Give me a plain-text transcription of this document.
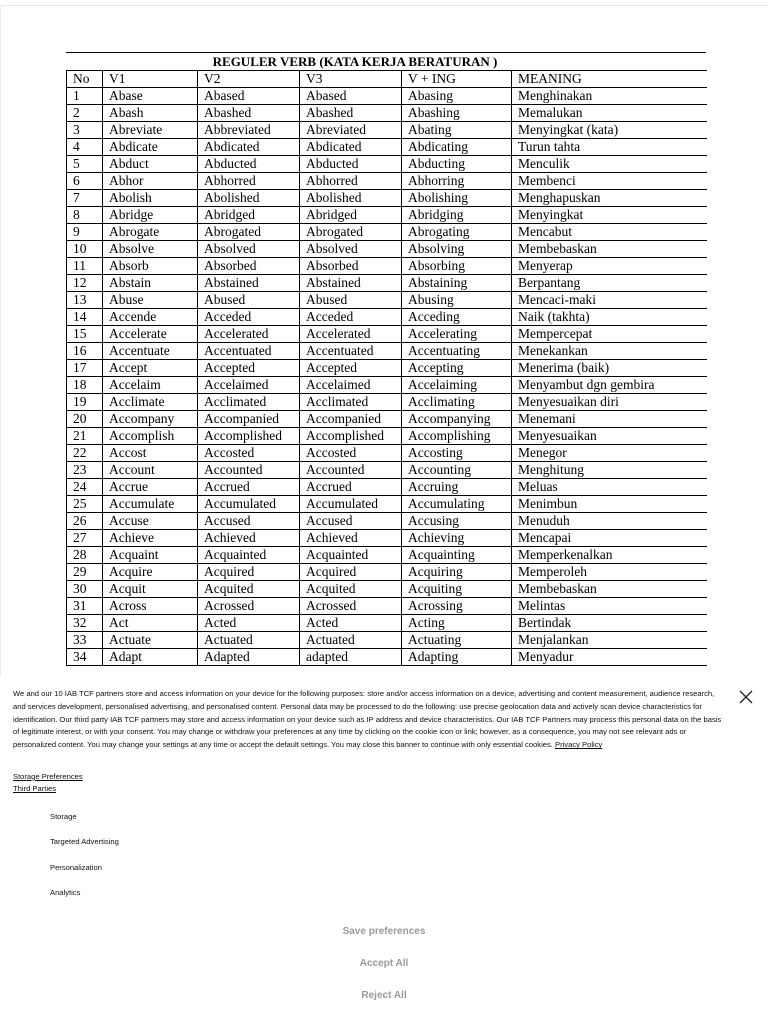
REGULER VERB (KATA KERJA BERATURAN )
No	V1	V2	V3	V + ING	MEANING
1	Abase	Abased	Abased	Abasing	Menghinakan
2	Abash	Abashed	Abashed	Abashing	Memalukan
3	Abreviate	Abbreviated	Abreviated	Abating	Menyingkat (kata)
4	Abdicate	Abdicated	Abdicated	Abdicating	Turun tahta
5	Abduct	Abducted	Abducted	Abducting	Menculik
6	Abhor	Abhorred	Abhorred	Abhorring	Membenci
7	Abolish	Abolished	Abolished	Abolishing	Menghapuskan
8	Abridge	Abridged	Abridged	Abridging	Menyingkat
9	Abrogate	Abrogated	Abrogated	Abrogating	Mencabut
10	Absolve	Absolved	Absolved	Absolving	Membebaskan
11	Absorb	Absorbed	Absorbed	Absorbing	Menyerap
12	Abstain	Abstained	Abstained	Abstaining	Berpantang
13	Abuse	Abused	Abused	Abusing	Mencaci-maki
14	Accende	Acceded	Acceded	Acceding	Naik (takhta)
15	Accelerate	Accelerated	Accelerated	Accelerating	Mempercepat
16	Accentuate	Accentuated	Accentuated	Accentuating	Menekankan
17	Accept	Accepted	Accepted	Accepting	Menerima (baik)
18	Accelaim	Accelaimed	Accelaimed	Accelaiming	Menyambut dgn gembira
19	Acclimate	Acclimated	Acclimated	Acclimating	Menyesuaikan diri
20	Accompany	Accompanied	Accompanied	Accompanying	Menemani
21	Accomplish	Accomplished	Accomplished	Accomplishing	Menyesuaikan
22	Accost	Accosted	Accosted	Accosting	Menegor
23	Account	Accounted	Accounted	Accounting	Menghitung
24	Accrue	Accrued	Accrued	Accruing	Meluas
25	Accumulate	Accumulated	Accumulated	Accumulating	Menimbun
26	Accuse	Accused	Accused	Accusing	Menuduh
27	Achieve	Achieved	Achieved	Achieving	Mencapai
28	Acquaint	Acquainted	Acquainted	Acquainting	Memperkenalkan
29	Acquire	Acquired	Acquired	Acquiring	Memperoleh
30	Acquit	Acquited	Acquited	Acquiting	Membebaskan
31	Across	Acrossed	Acrossed	Acrossing	Melintas
32	Act	Acted	Acted	Acting	Bertindak
33	Actuate	Actuated	Actuated	Actuating	Menjalankan
34	Adapt	Adapted	adapted	Adapting	Menyadur
We and our 10 IAB TCF partners store and access information on your device for the following purposes: store and/or access information on a device, advertising and content measurement, audience research, and services development, personalised advertising, and personalised content. Personal data may be processed to do the following: use precise geolocation data and actively scan device characteristics for identification. Our third party IAB TCF partners may store and access information on your device such as IP address and device characteristics. Our IAB TCF Partners may process this personal data on the basis of legitimate interest, or with your consent. You may change or withdraw your preferences at any time by clicking on the cookie icon or link; however, as a consequence, you may not see relevant ads or personalized content. You may change your settings at any time or accept the default settings. You may close this banner to continue with only essential cookies. Privacy Policy
Storage Preferences
Third Parties
Storage
Targeted Advertising
Personalization
Analytics
Save preferences
Accept All
Reject All
